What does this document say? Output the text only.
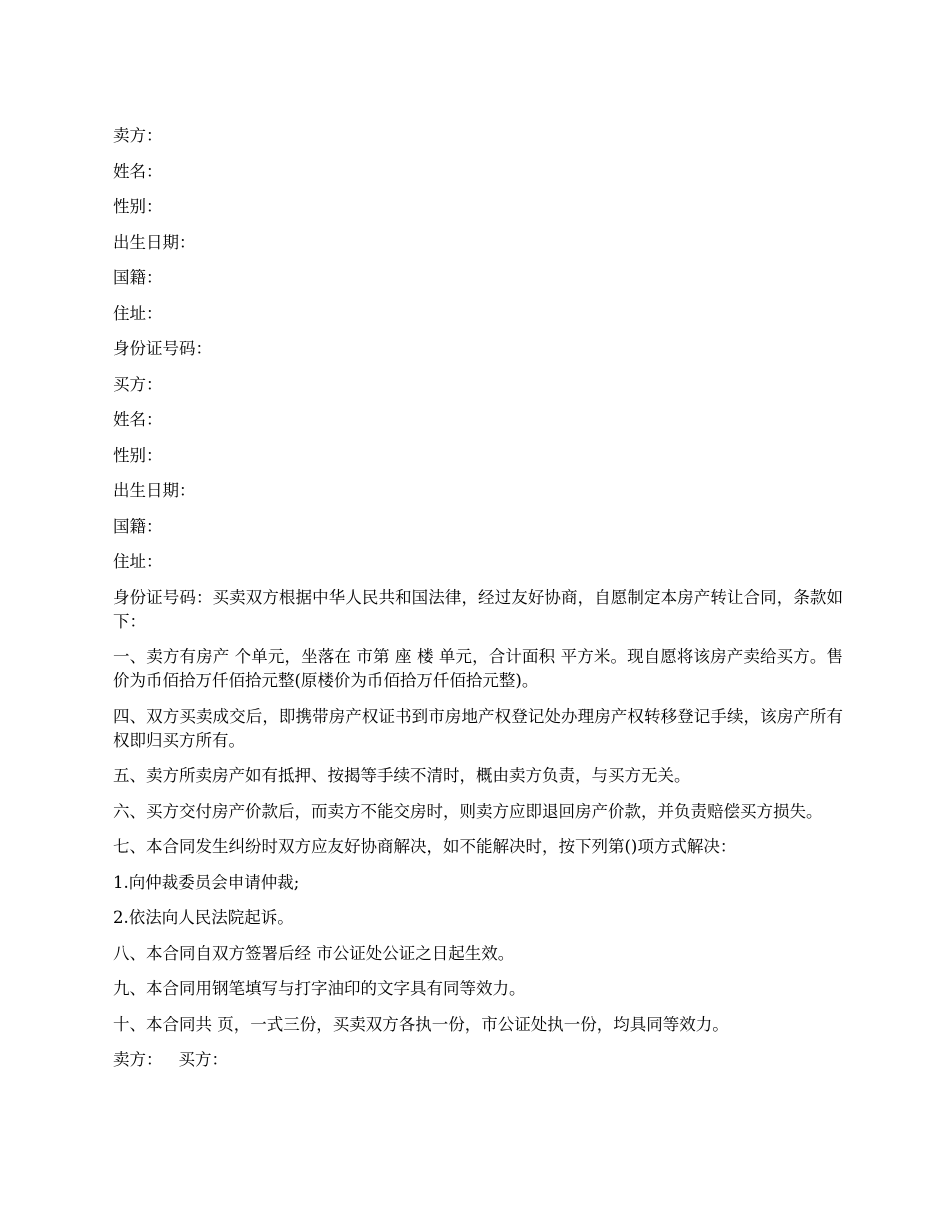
卖方：
姓名：
性别：
出生日期：
国籍：
住址：
身份证号码：
买方：
姓名：
性别：
出生日期：
国籍：
住址：
身份证号码：买卖双方根据中华人民共和国法律，经过友好协商，自愿制定本房产转让合同，条款如下：
一、卖方有房产 个单元，坐落在 市第 座 楼 单元，合计面积 平方米。现自愿将该房产卖给买方。售价为币佰拾万仟佰拾元整(原楼价为币佰拾万仟佰拾元整)。
四、双方买卖成交后，即携带房产权证书到市房地产权登记处办理房产权转移登记手续，该房产所有权即归买方所有。
五、卖方所卖房产如有抵押、按揭等手续不清时，概由卖方负责，与买方无关。
六、买方交付房产价款后，而卖方不能交房时，则卖方应即退回房产价款，并负责赔偿买方损失。
七、本合同发生纠纷时双方应友好协商解决，如不能解决时，按下列第()项方式解决：
1.向仲裁委员会申请仲裁;
2.依法向人民法院起诉。
八、本合同自双方签署后经 市公证处公证之日起生效。
九、本合同用钢笔填写与打字油印的文字具有同等效力。
十、本合同共 页，一式三份，买卖双方各执一份，市公证处执一份，均具同等效力。
卖方： 买方：
